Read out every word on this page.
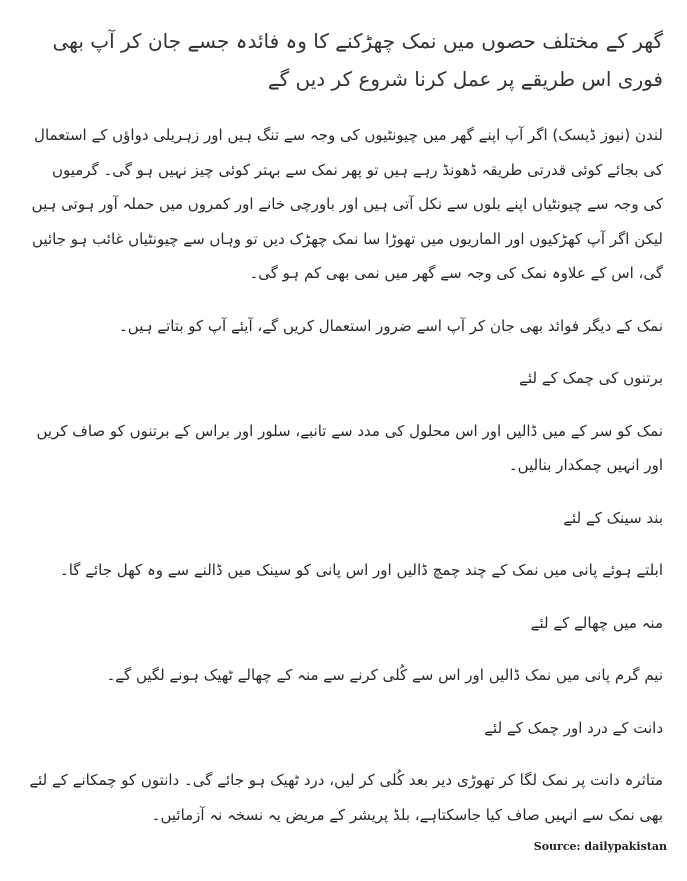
گھر کے مختلف حصوں میں نمک چھڑکنے کا وہ فائدہ جسے جان کر آپ بھی فوری اس طریقے پر عمل کرنا شروع کر دیں گے

لندن (نیوز ڈیسک) اگر آپ اپنے گھر میں چیونٹیوں کی وجہ سے تنگ ہیں اور زہریلی دواؤں کے استعمال کی بجائے کوئی قدرتی طریقہ ڈھونڈ رہے ہیں تو پھر نمک سے بہتر کوئی چیز نہیں ہو گی۔ گرمیوں کی وجہ سے چیونٹیاں اپنے بلوں سے نکل آتی ہیں اور باورچی خانے اور کمروں میں حملہ آور ہوتی ہیں لیکن اگر آپ کھڑکیوں اور الماریوں میں تھوڑا سا نمک چھڑک دیں تو وہاں سے چیونٹیاں غائب ہو جائیں گی، اس کے علاوہ نمک کی وجہ سے گھر میں نمی بھی کم ہو گی۔

نمک کے دیگر فوائد بھی جان کر آپ اسے ضرور استعمال کریں گے، آیئے آپ کو بتاتے ہیں۔

برتنوں کی چمک کے لئے

نمک کو سر کے میں ڈالیں اور اس محلول کی مدد سے تانبے، سلور اور براس کے برتنوں کو صاف کریں اور انہیں چمکدار بنالیں۔

بند سینک کے لئے

ابلتے ہوئے پانی میں نمک کے چند چمچ ڈالیں اور اس پانی کو سینک میں ڈالنے سے وہ کھل جائے گا۔

منہ میں چھالے کے لئے

نیم گرم پانی میں نمک ڈالیں اور اس سے کُلی کرنے سے منہ کے چھالے ٹھیک ہونے لگیں گے۔

دانت کے درد اور چمک کے لئے

متاثرہ دانت پر نمک لگا کر تھوڑی دیر بعد کُلی کر لیں، درد ٹھیک ہو جائے گی۔ دانتوں کو چمکانے کے لئے بھی نمک سے انہیں صاف کیا جاسکتاہے، بلڈ پریشر کے مریض یہ نسخہ نہ آزمائیں۔

Source: dailypakistan
